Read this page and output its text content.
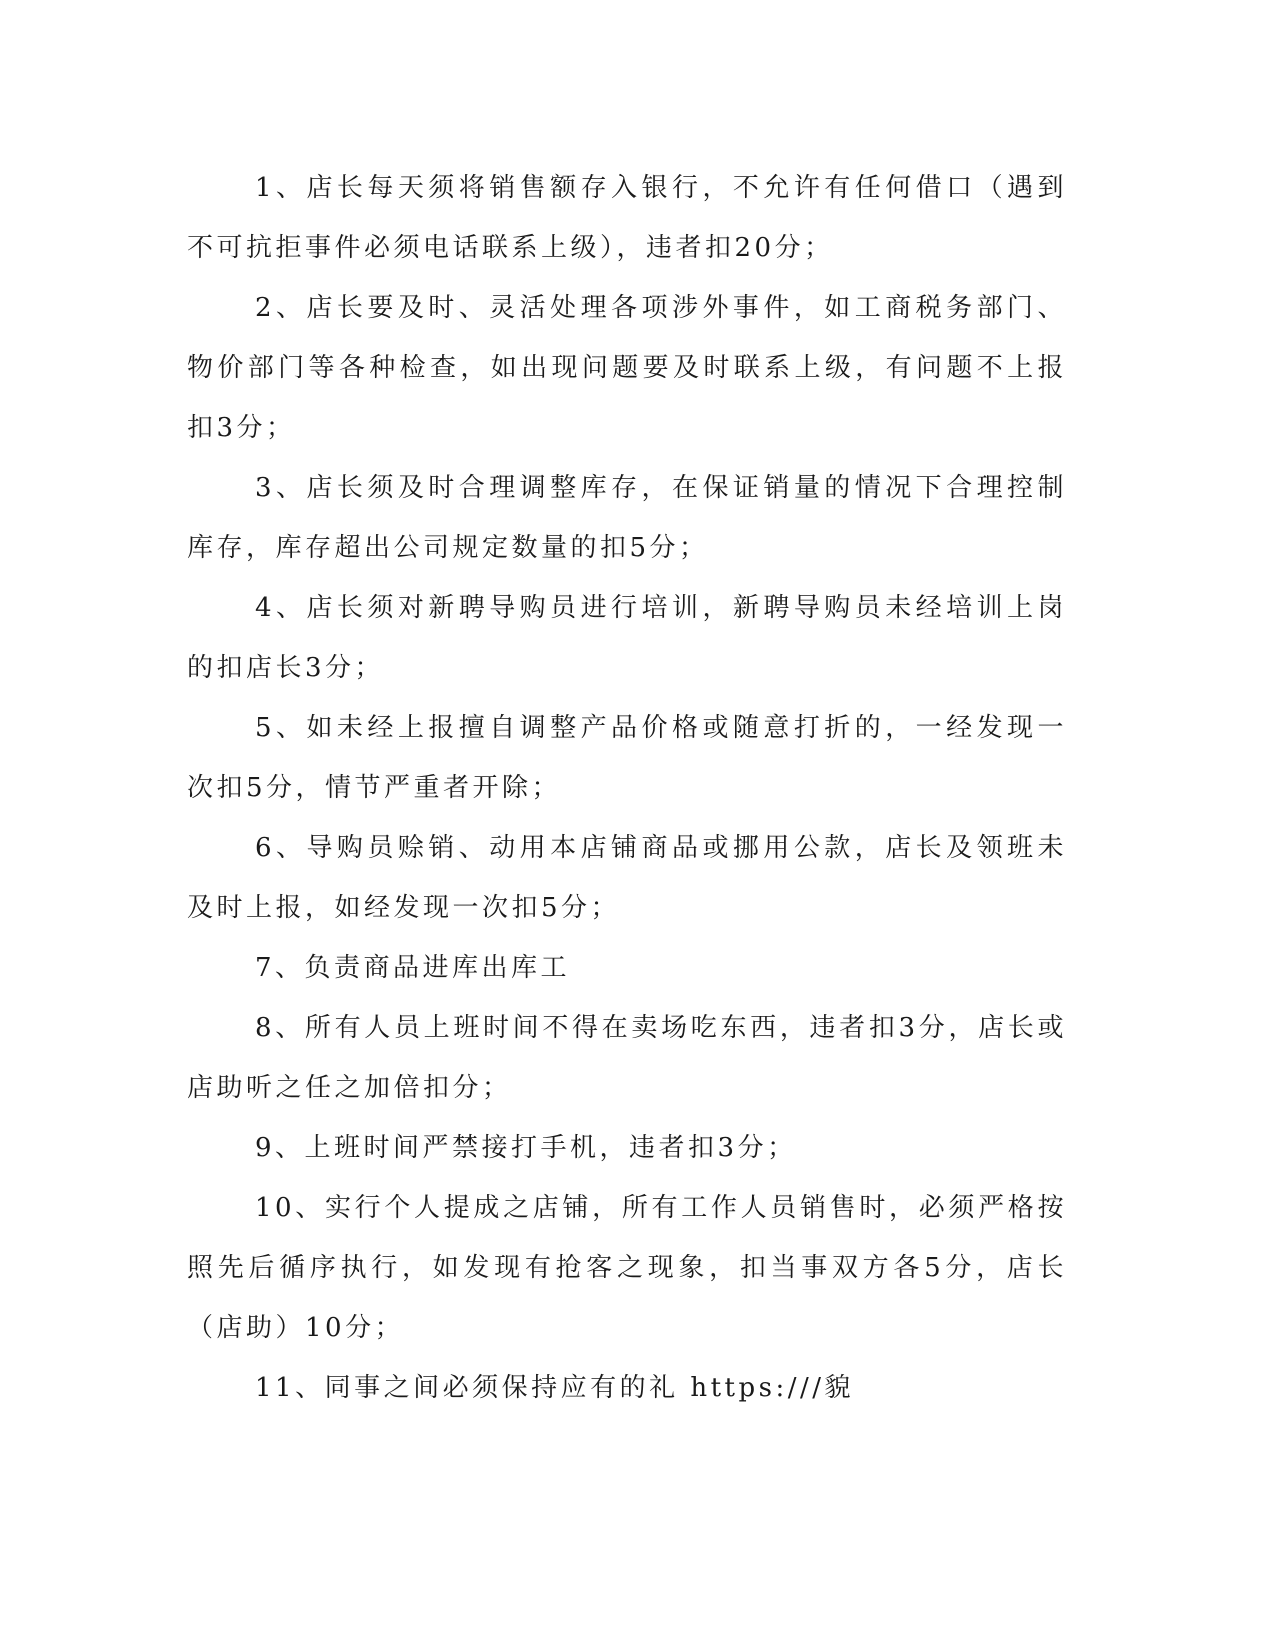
1、店长每天须将销售额存入银行，不允许有任何借口（遇到不可抗拒事件必须电话联系上级），违者扣20分；

2、店长要及时、灵活处理各项涉外事件，如工商税务部门、物价部门等各种检查，如出现问题要及时联系上级，有问题不上报扣3分；

3、店长须及时合理调整库存，在保证销量的情况下合理控制库存，库存超出公司规定数量的扣5分；

4、店长须对新聘导购员进行培训，新聘导购员未经培训上岗的扣店长3分；

5、如未经上报擅自调整产品价格或随意打折的，一经发现一次扣5分，情节严重者开除；

6、导购员赊销、动用本店铺商品或挪用公款，店长及领班未及时上报，如经发现一次扣5分；

7、负责商品进库出库工

8、所有人员上班时间不得在卖场吃东西，违者扣3分，店长或店助听之任之加倍扣分；

9、上班时间严禁接打手机，违者扣3分；

10、实行个人提成之店铺，所有工作人员销售时，必须严格按照先后循序执行，如发现有抢客之现象，扣当事双方各5分，店长（店助）10分；

11、同事之间必须保持应有的礼 https:///貌
